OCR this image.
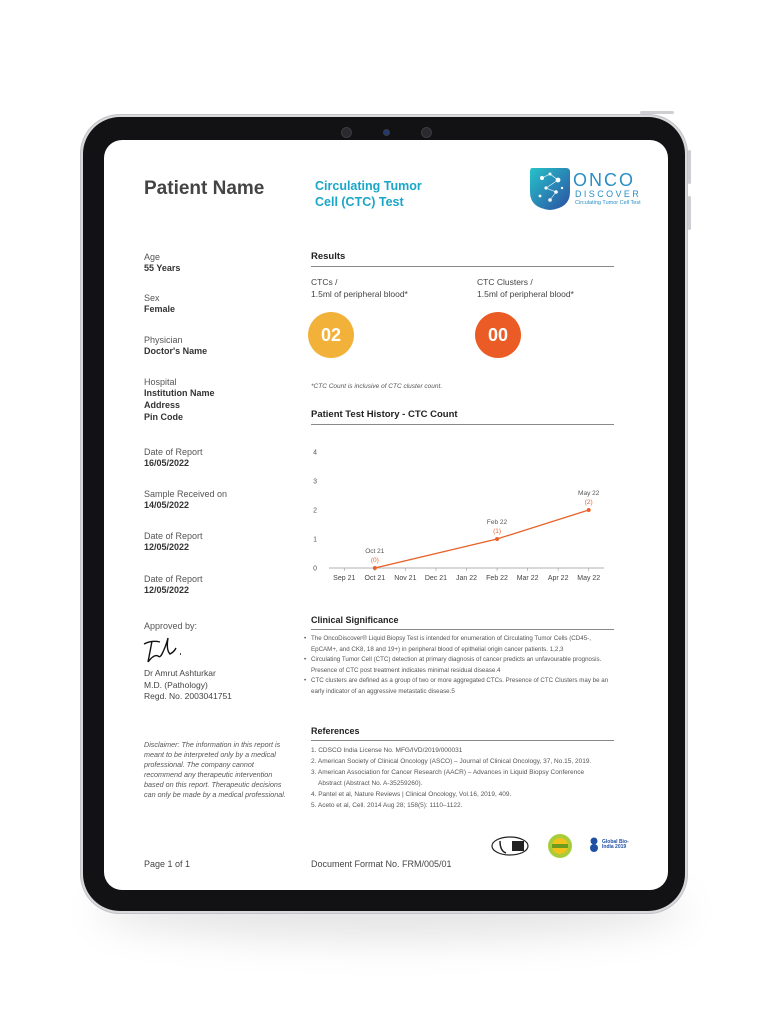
Patient Name	Circulating Tumor Cell (CTC) Test
ONCO
DISCOVER
Circulating Tumor Cell Test
Age
55 Years
Sex
Female
Physician
Doctor's Name
Hospital
Institution Name
Address
Pin Code
Date of Report
16/05/2022
Sample Received on
14/05/2022
Date of Report
12/05/2022
Date of Report
12/05/2022
Approved by:
Dr Amrut Ashturkar
M.D. (Pathology)
Regd. No. 2003041751
Disclaimer: The information in this report is meant to be interpreted only by a medical professional. The company cannot recommend any therapeutic intervention based on this report. Therapeutic decisions can only be made by a medical professional.
Results
CTCs /
1.5ml of peripheral blood*
CTC Clusters /
1.5ml of peripheral blood*
02	00
*CTC Count is inclusive of CTC cluster count.
Patient Test History - CTC Count
0
1
2
3
4
Sep 21 Oct 21 Nov 21 Dec 21 Jan 22 Feb 22 Mar 22 Apr 22 May 22
Oct 21
(0)
Feb 22
(1)
May 22
(2)
Clinical Significance
• The OncoDiscover® Liquid Biopsy Test is intended for enumeration of Circulating Tumor Cells (CD45-, EpCAM+, and CK8, 18 and 19+) in peripheral blood of epithelial origin cancer patients. 1,2,3
• Circulating Tumor Cell (CTC) detection at primary diagnosis of cancer predicts an unfavourable prognosis. Presence of CTC post treatment indicates minimal residual disease.4
• CTC clusters are defined as a group of two or more aggregated CTCs. Presence of CTC Clusters may be an early indicator of an aggressive metastatic disease.5
References
1. CDSCO India License No. MFG/IVD/2019/000031
2. American Society of Clinical Oncology (ASCO) – Journal of Clinical Oncology, 37, No.15, 2019.
3. American Association for Cancer Research (AACR) – Advances in Liquid Biopsy Conference
Abstract (Abstract No. A-35259260).
4. Pantel et al, Nature Reviews | Clinical Oncology, Vol.16, 2019, 409.
5. Aceto et al, Cell. 2014 Aug 28; 158(5): 1110–1122.
Global Bio-India 2019
Page 1 of 1	Document Format No. FRM/005/01
